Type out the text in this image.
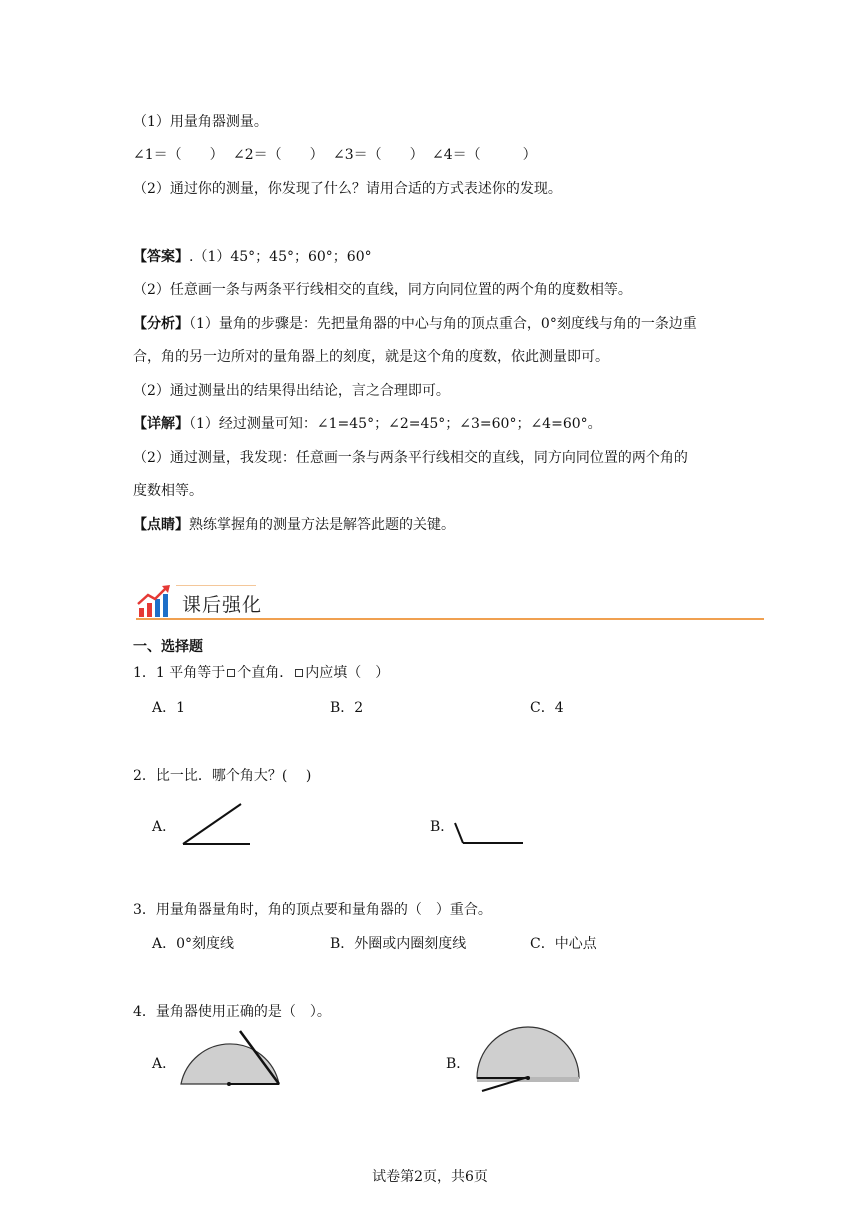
（1）用量角器测量。
∠1＝（　　） ∠2＝（　　） ∠3＝（　　） ∠4＝（　　　）
（2）通过你的测量，你发现了什么？请用合适的方式表述你的发现。
【答案】.（1）45°；45°；60°；60°
（2）任意画一条与两条平行线相交的直线，同方向同位置的两个角的度数相等。
【分析】（1）量角的步骤是：先把量角器的中心与角的顶点重合，0°刻度线与角的一条边重
合，角的另一边所对的量角器上的刻度，就是这个角的度数，依此测量即可。
（2）通过测量出的结果得出结论，言之合理即可。
【详解】（1）经过测量可知：∠1=45°；∠2=45°；∠3=60°；∠4=60°。
（2）通过测量，我发现：任意画一条与两条平行线相交的直线，同方向同位置的两个角的
度数相等。
【点睛】熟练掌握角的测量方法是解答此题的关键。
课后强化
一、选择题
1．1 平角等于 个直角． 内应填（　）
A．1	B．2	C．4
2．比一比．哪个角大？(　 )
A．	B．
3．用量角器量角时，角的顶点要和量角器的（　）重合。
A．0°刻度线	B．外圈或内圈刻度线	C．中心点
4．量角器使用正确的是（　）。
A．	B．
试卷第2页，共6页
